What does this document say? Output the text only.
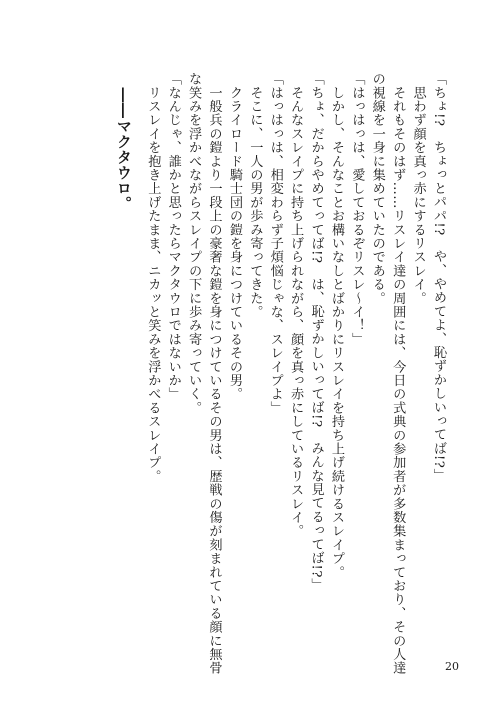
「ちょ!?　ちょっとパパ!?　や、やめてよ、恥ずかしいってば!?」

　思わず顔を真っ赤にするリスレイ。

　それもそのはず……リスレイ達の周囲には、今日の式典の参加者が多数集まっており、その人達

の視線を一身に集めていたのである。

「はっはっは、愛しておるぞリスレ〜イ！」

　しかし、そんなことお構いなしとばかりにリスレイを持ち上げ続けるスレイプ。

「ちょ、だからやめてってば!?　は、恥ずかしいってば!?　みんな見てるってば!?」

　そんなスレイプに持ち上げられながら、顔を真っ赤にしているリスレイ。

「はっはっは、相変わらず子煩悩じゃな、スレイプよ」

　そこに、一人の男が歩み寄ってきた。

　クライロード騎士団の鎧を身につけているその男。

　一般兵の鎧より一段上の豪奢な鎧を身につけているその男は、歴戦の傷が刻まれている顔に無骨

な笑みを浮かべながらスレイプの下に歩み寄っていく。

「なんじゃ、誰かと思ったらマクタウロではないか」

　リスレイを抱き上げたまま、ニカッと笑みを浮かべるスレイプ。

　――マクタウロ。

20
